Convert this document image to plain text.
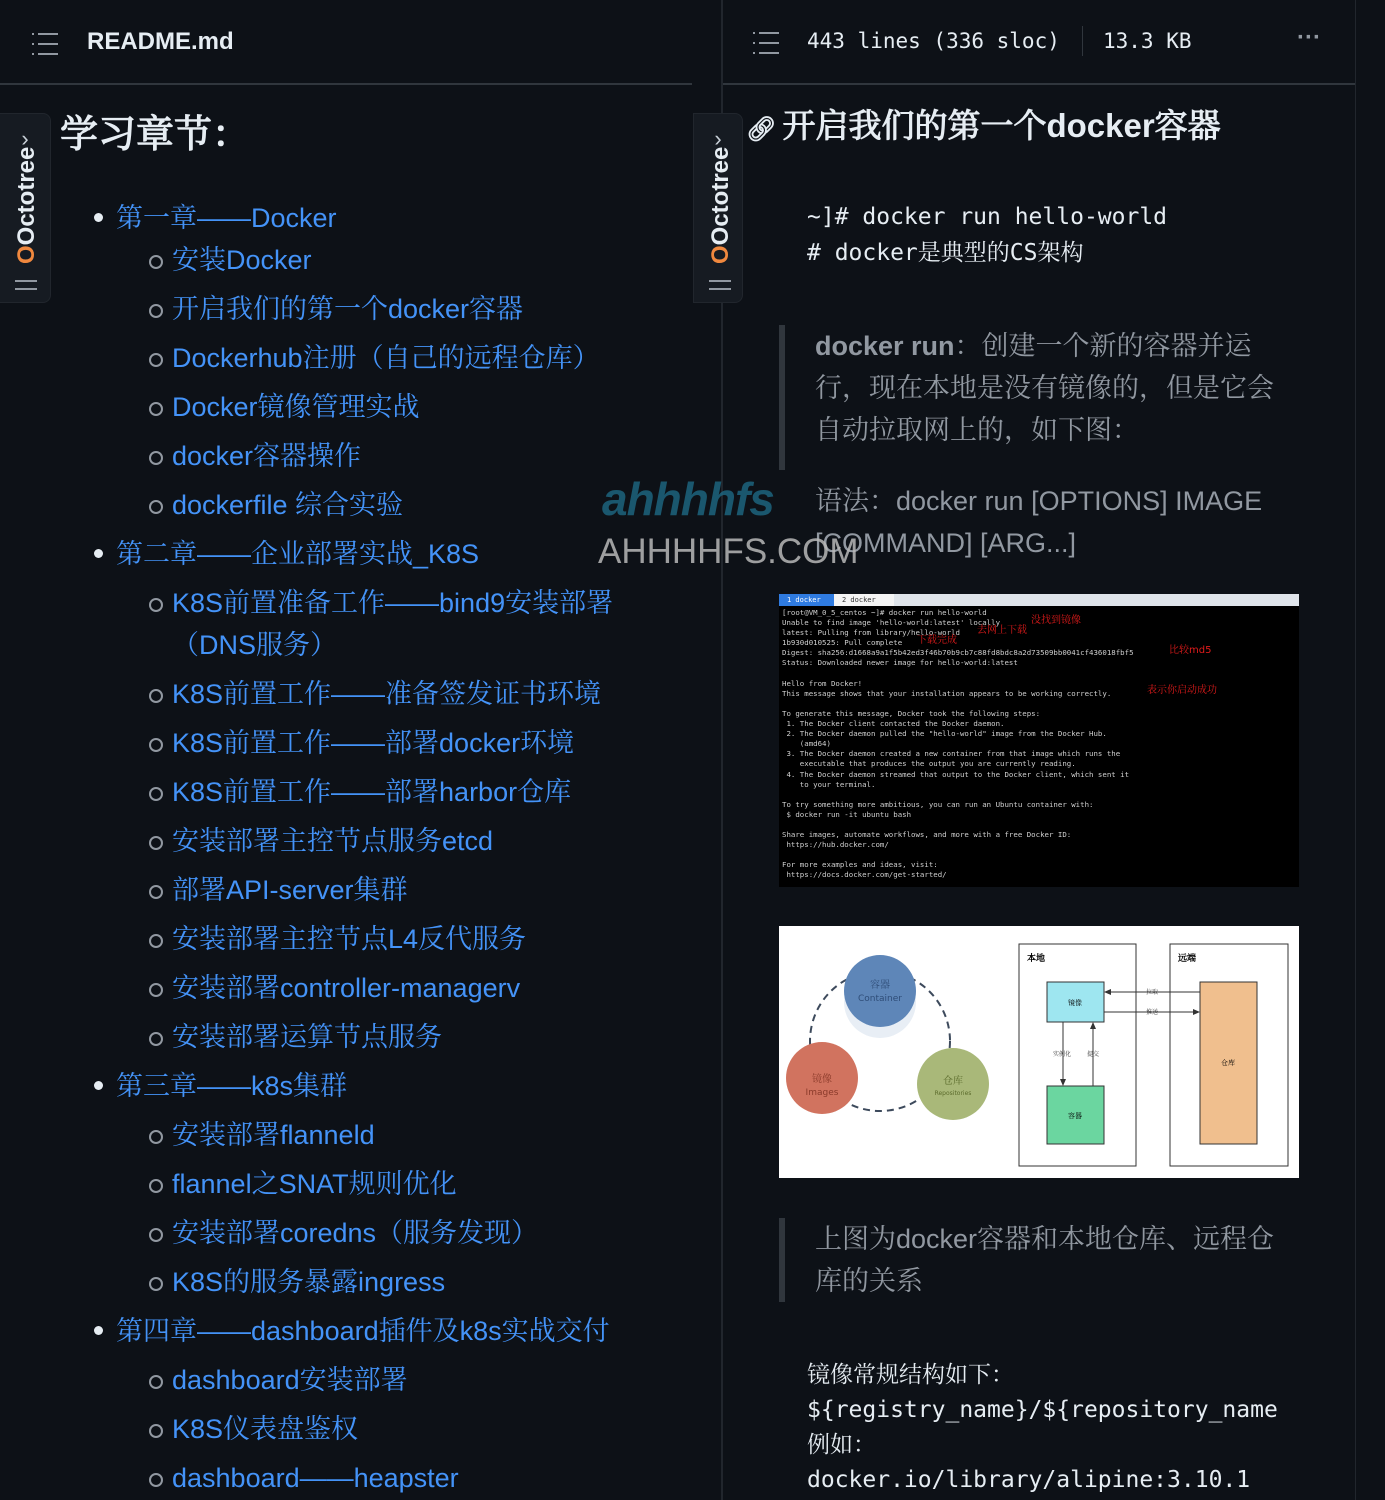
README.md
›
OOctotree
学习章节：
第一章——Docker
安装Docker
开启我们的第一个docker容器
Dockerhub注册（自己的远程仓库）
Docker镜像管理实战
docker容器操作
dockerfile 综合实验
第二章——企业部署实战_K8S
K8S前置准备工作——bind9安装部署（DNS服务）
K8S前置工作——准备签发证书环境
K8S前置工作——部署docker环境
K8S前置工作——部署harbor仓库
安装部署主控节点服务etcd
部署API-server集群
安装部署主控节点L4反代服务
安装部署controller-managerv
安装部署运算节点服务
第三章——k8s集群
安装部署flanneld
flannel之SNAT规则优化
安装部署coredns（服务发现）
K8S的服务暴露ingress
第四章——dashboard插件及k8s实战交付
dashboard安装部署
K8S仪表盘鉴权
dashboard——heapster
443 lines (336 sloc) 13.3 KB	···
›
OOctotree
🔗︎ 开启我们的第一个docker容器
~]# docker run hello-world
# docker是典型的CS架构
docker run：创建一个新的容器并运行，现在本地是没有镜像的，但是它会自动拉取网上的，如下图：
语法：docker run [OPTIONS] IMAGE [COMMAND] [ARG...]
1 docker	2 docker
[root@VM_0_5_centos ~]# docker run hello-world
Unable to find image 'hello-world:latest' locally
latest: Pulling from library/hello-world
1b930d010525: Pull complete
Digest: sha256:d1668a9a1f5b42ed3f46b70b9cb7c88fd8bdc8a2d73509bb0041cf436018fbf5
Status: Downloaded newer image for hello-world:latest

Hello from Docker!
This message shows that your installation appears to be working correctly.

To generate this message, Docker took the following steps:
1. The Docker client contacted the Docker daemon.
2. The Docker daemon pulled the "hello-world" image from the Docker Hub.
(amd64)
3. The Docker daemon created a new container from that image which runs the
executable that produces the output you are currently reading.
4. The Docker daemon streamed that output to the Docker client, which sent it
to your terminal.

To try something more ambitious, you can run an Ubuntu container with:
$ docker run -it ubuntu bash

Share images, automate workflows, and more with a free Docker ID:
https://hub.docker.com/

For more examples and ideas, visit:
https://docs.docker.com/get-started/
没找到镜像
去网上下载
下载完成
比较md5
表示你启动成功
容器
Container
镜像
Images
仓库
Repositories
本地	远端
镜像
容器
仓库
拉取
推送
实例化	提交
上图为docker容器和本地仓库、远程仓库的关系
镜像常规结构如下：
${registry_name}/${repository_name
例如：
docker.io/library/alipine:3.10.1
ahhhhfs
AHHHHFS.COM
